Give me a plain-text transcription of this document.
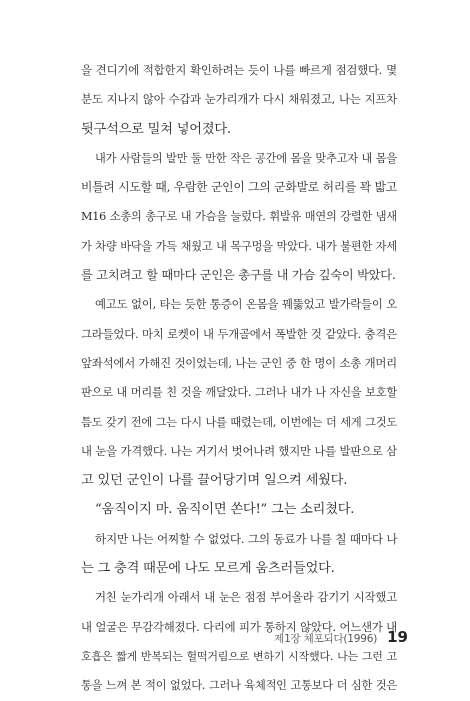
을 견디기에 적합한지 확인하려는 듯이 나를 빠르게 점검했다. 몇
분도 지나지 않아 수갑과 눈가리개가 다시 채워졌고, 나는 지프차
뒷구석으로 밀쳐 넣어졌다.
내가 사람들의 발만 둘 만한 작은 공간에 몸을 맞추고자 내 몸을
비틀려 시도할 때, 우람한 군인이 그의 군화발로 허리를 꽉 밟고
M16 소총의 총구로 내 가슴을 눌렀다. 휘발유 매연의 강렬한 냄새
가 차량 바닥을 가득 채웠고 내 목구멍을 막았다. 내가 불편한 자세
를 고치려고 할 때마다 군인은 총구를 내 가슴 깊숙이 박았다.
예고도 없이, 타는 듯한 통증이 온몸을 꿰뚫었고 발가락들이 오
그라들었다. 마치 로켓이 내 두개골에서 폭발한 것 같았다. 충격은
앞좌석에서 가해진 것이었는데, 나는 군인 중 한 명이 소총 개머리
판으로 내 머리를 친 것을 깨달았다. 그러나 내가 나 자신을 보호할
틈도 갖기 전에 그는 다시 나를 때렸는데, 이번에는 더 세게 그것도
내 눈을 가격했다. 나는 거기서 벗어나려 했지만 나를 발판으로 삼
고 있던 군인이 나를 끌어당기며 일으켜 세웠다.
“움직이지 마. 움직이면 쏜다!” 그는 소리쳤다.
하지만 나는 어찌할 수 없었다. 그의 동료가 나를 칠 때마다 나
는 그 충격 때문에 나도 모르게 움츠러들었다.
거친 눈가리개 아래서 내 눈은 점점 부어올라 감기기 시작했고
내 얼굴은 무감각해졌다. 다리에 피가 통하지 않았다. 어느샌가 내
호흡은 짧게 반복되는 헐떡거림으로 변하기 시작했다. 나는 그런 고
통을 느껴 본 적이 없었다. 그러나 육체적인 고통보다 더 심한 것은
제1장 체포되다(1996) 19
